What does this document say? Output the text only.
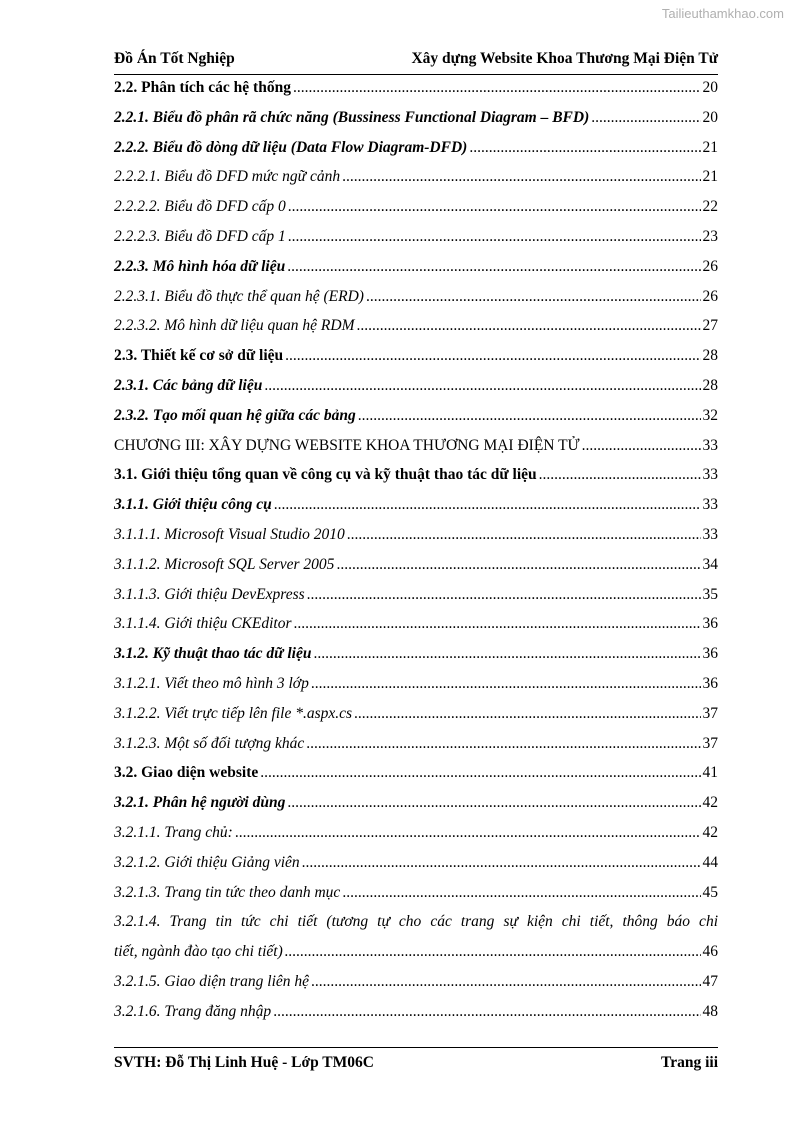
Tailieuthamkhao.com
Đồ Án Tốt Nghiệp	Xây dựng Website Khoa Thương Mại Điện Tử
2.2. Phân tích các hệ thống .....	20
2.2.1. Biểu đồ phân rã chức năng (Bussiness Functional Diagram – BFD) .....	20
2.2.2. Biểu đồ dòng dữ liệu (Data Flow Diagram-DFD) .....	21
2.2.2.1. Biểu đồ DFD mức ngữ cảnh .....	21
2.2.2.2. Biểu đồ DFD cấp 0 .....	22
2.2.2.3. Biểu đồ DFD cấp 1 .....	23
2.2.3. Mô hình hóa dữ liệu .....	26
2.2.3.1. Biểu đồ thực thể quan hệ (ERD) .....	26
2.2.3.2. Mô hình dữ liệu quan hệ RDM .....	27
2.3. Thiết kế cơ sở dữ liệu .....	28
2.3.1. Các bảng dữ liệu .....	28
2.3.2. Tạo mối quan hệ giữa các bảng .....	32
CHƯƠNG III: XÂY DỰNG WEBSITE KHOA THƯƠNG MẠI ĐIỆN TỬ .....	33
3.1. Giới thiệu tổng quan về công cụ và kỹ thuật thao tác dữ liệu .....	33
3.1.1. Giới thiệu công cụ .....	33
3.1.1.1. Microsoft Visual Studio 2010 .....	33
3.1.1.2. Microsoft SQL Server 2005 .....	34
3.1.1.3. Giới thiệu DevExpress .....	35
3.1.1.4. Giới thiệu CKEditor .....	36
3.1.2. Kỹ thuật thao tác dữ liệu .....	36
3.1.2.1. Viết theo mô hình 3 lớp .....	36
3.1.2.2. Viết trực tiếp lên file *.aspx.cs .....	37
3.1.2.3. Một số đối tượng khác .....	37
3.2. Giao diện website .....	41
3.2.1. Phân hệ người dùng .....	42
3.2.1.1. Trang chủ: .....	42
3.2.1.2. Giới thiệu Giảng viên .....	44
3.2.1.3. Trang tin tức theo danh mục .....	45
3.2.1.4. Trang tin tức chi tiết (tương tự cho các trang sự kiện chi tiết, thông báo chi
tiết, ngành đào tạo chi tiết) .....	46
3.2.1.5. Giao diện trang liên hệ .....	47
3.2.1.6. Trang đăng nhập .....	48
SVTH: Đỗ Thị Linh Huệ - Lớp TM06C	Trang iii
